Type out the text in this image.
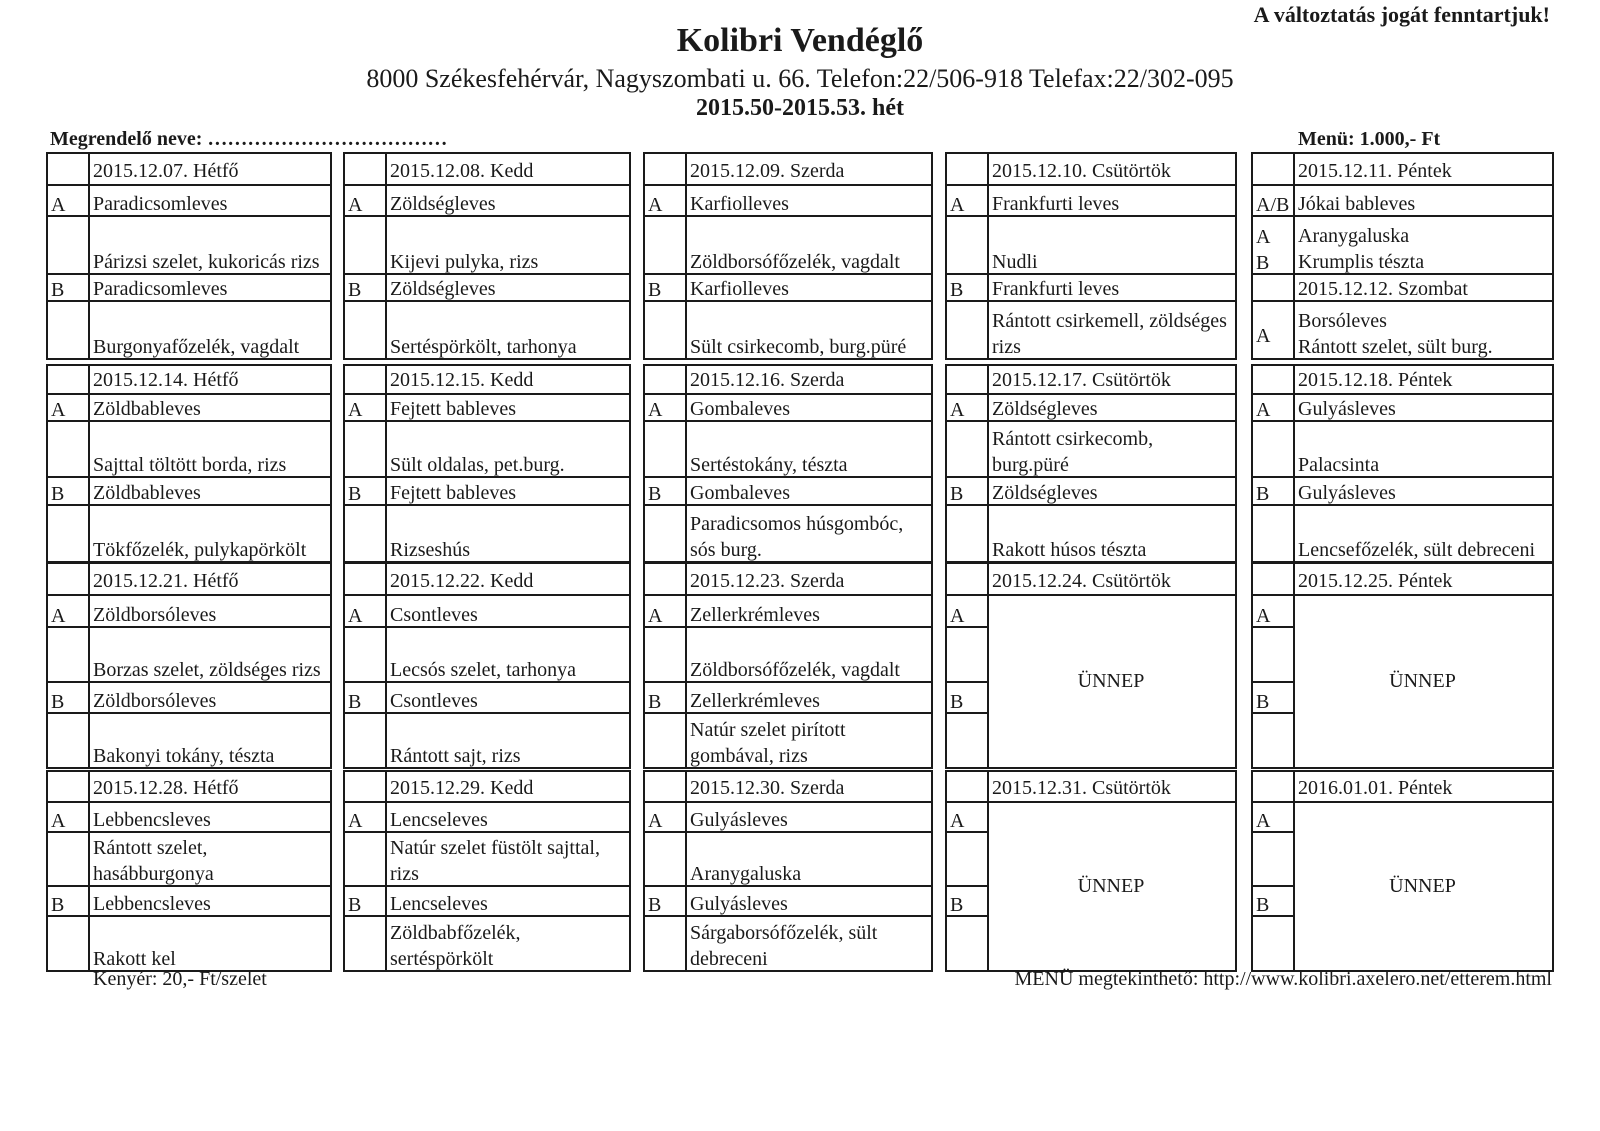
A változtatás jogát fenntartjuk!
Kolibri Vendéglő
8000 Székesfehérvár, Nagyszombati u. 66. Telefon:22/506-918 Telefax:22/302-095
2015.50-2015.53. hét
Megrendelő neve: ………………………………	Menü: 1.000,- Ft
2015.12.07. Hétfő
A Paradicsomleves
Párizsi szelet, kukoricás rizs
B Paradicsomleves
Burgonyafőzelék, vagdalt
2015.12.08. Kedd
A Zöldségleves
Kijevi pulyka, rizs
B Zöldségleves
Sertéspörkölt, tarhonya
2015.12.09. Szerda
A Karfiolleves
Zöldborsófőzelék, vagdalt
B Karfiolleves
Sült csirkecomb, burg.püré
2015.12.10. Csütörtök
A Frankfurti leves
Nudli
B Frankfurti leves
Rántott csirkemell, zöldséges rizs
2015.12.11. Péntek
A/B Jókai bableves
A
B
Aranygaluska
Krumplis tészta
2015.12.12. Szombat
A
Borsóleves
Rántott szelet, sült burg.
2015.12.14. Hétfő
A Zöldbableves
Sajttal töltött borda, rizs
B Zöldbableves
Tökfőzelék, pulykapörkölt
2015.12.15. Kedd
A Fejtett bableves
Sült oldalas, pet.burg.
B Fejtett bableves
Rizseshús
2015.12.16. Szerda
A Gombaleves
Sertéstokány, tészta
B Gombaleves
Paradicsomos húsgombóc, sós burg.
2015.12.17. Csütörtök
A Zöldségleves
Rántott csirkecomb, burg.püré
B Zöldségleves
Rakott húsos tészta
2015.12.18. Péntek
A Gulyásleves
Palacsinta
B Gulyásleves
Lencsefőzelék, sült debreceni
2015.12.21. Hétfő
A Zöldborsóleves
Borzas szelet, zöldséges rizs
B Zöldborsóleves
Bakonyi tokány, tészta
2015.12.22. Kedd
A Csontleves
Lecsós szelet, tarhonya
B Csontleves
Rántott sajt, rizs
2015.12.23. Szerda
A Zellerkrémleves
Zöldborsófőzelék, vagdalt
B Zellerkrémleves
Natúr szelet pirított gombával, rizs
2015.12.24. Csütörtök
A
B
ÜNNEP
2015.12.25. Péntek
A
B
ÜNNEP
2015.12.28. Hétfő
A Lebbencsleves
Rántott szelet, hasábburgonya
B Lebbencsleves
Rakott kel
2015.12.29. Kedd
A Lencseleves
Natúr szelet füstölt sajttal, rizs
B Lencseleves
Zöldbabfőzelék, sertéspörkölt
2015.12.30. Szerda
A Gulyásleves
Aranygaluska
B Gulyásleves
Sárgaborsófőzelék, sült debreceni
2015.12.31. Csütörtök
A
B
ÜNNEP
2016.01.01. Péntek
A
B
ÜNNEP
Kenyér: 20,- Ft/szelet	MENÜ megtekinthető: http://www.kolibri.axelero.net/etterem.html
